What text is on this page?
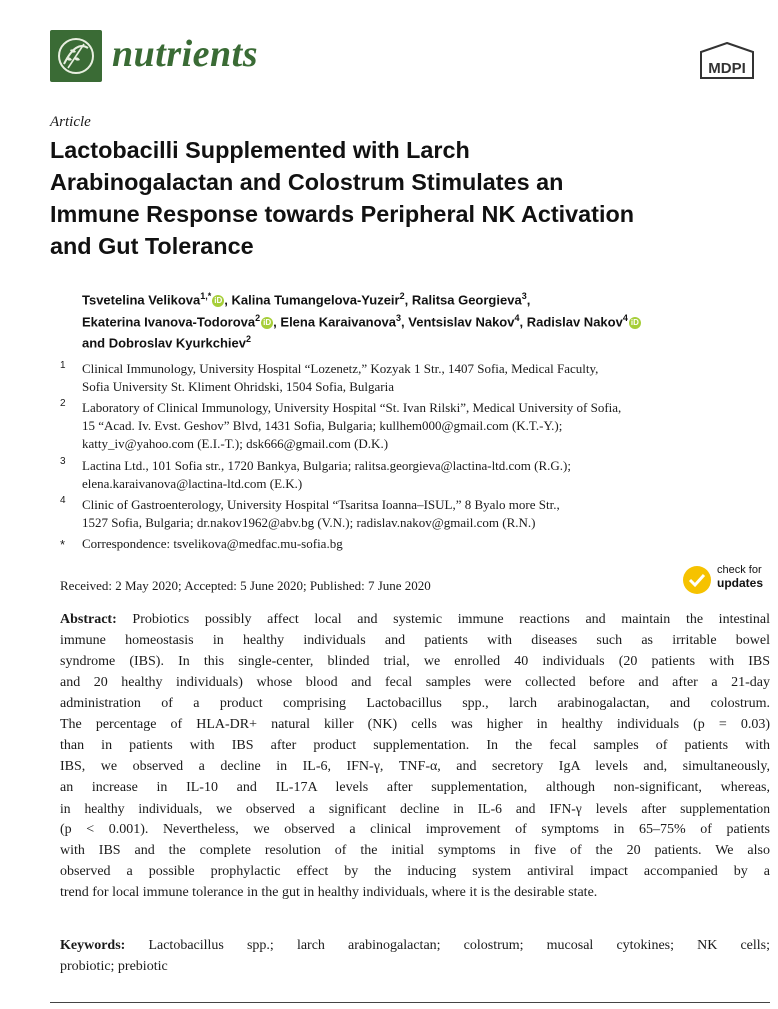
nutrients	MDPI
Article
Lactobacilli Supplemented with Larch
Arabinogalactan and Colostrum Stimulates an
Immune Response towards Peripheral NK Activation
and Gut Tolerance
Tsvetelina Velikova$^{1,*}$ iD , Kalina Tumangelova-Yuzeir$^2$, Ralitsa Georgieva$^3$,
Ekaterina Ivanova-Todorova$^2$ iD , Elena Karaivanova$^3$, Ventsislav Nakov$^4$, Radislav Nakov$^4$ iD
and Dobroslav Kyurkchiev$^2$
1 Clinical Immunology, University Hospital “Lozenetz,” Kozyak 1 Str., 1407 Sofia, Medical Faculty,
Sofia University St. Kliment Ohridski, 1504 Sofia, Bulgaria
2 Laboratory of Clinical Immunology, University Hospital “St. Ivan Rilski”, Medical University of Sofia,
15 “Acad. Iv. Evst. Geshov” Blvd, 1431 Sofia, Bulgaria; kullhem000@gmail.com (K.T.-Y.);
katty_iv@yahoo.com (E.I.-T.); dsk666@gmail.com (D.K.)
3 Lactina Ltd., 101 Sofia str., 1720 Bankya, Bulgaria; ralitsa.georgieva@lactina-ltd.com (R.G.);
elena.karaivanova@lactina-ltd.com (E.K.)
4 Clinic of Gastroenterology, University Hospital “Tsaritsa Ioanna–ISUL,” 8 Byalo more Str.,
1527 Sofia, Bulgaria; dr.nakov1962@abv.bg (V.N.); radislav.nakov@gmail.com (R.N.)
* Correspondence: tsvelikova@medfac.mu-sofia.bg
Received: 2 May 2020; Accepted: 5 June 2020; Published: 7 June 2020
check for
updates
Abstract: Probiotics possibly affect local and systemic immune reactions and maintain the intestinal
immune homeostasis in healthy individuals and patients with diseases such as irritable bowel
syndrome (IBS). In this single-center, blinded trial, we enrolled 40 individuals (20 patients with IBS
and 20 healthy individuals) whose blood and fecal samples were collected before and after a 21-day
administration of a product comprising Lactobacillus spp., larch arabinogalactan, and colostrum.
The percentage of HLA-DR+ natural killer (NK) cells was higher in healthy individuals (p = 0.03)
than in patients with IBS after product supplementation. In the fecal samples of patients with
IBS, we observed a decline in IL-6, IFN-γ, TNF-α, and secretory IgA levels and, simultaneously,
an increase in IL-10 and IL-17A levels after supplementation, although non-significant, whereas,
in healthy individuals, we observed a significant decline in IL-6 and IFN-γ levels after supplementation
(p < 0.001). Nevertheless, we observed a clinical improvement of symptoms in 65–75% of patients
with IBS and the complete resolution of the initial symptoms in five of the 20 patients. We also
observed a possible prophylactic effect by the inducing system antiviral impact accompanied by a
trend for local immune tolerance in the gut in healthy individuals, where it is the desirable state.
Keywords: Lactobacillus spp.; larch arabinogalactan; colostrum; mucosal cytokines; NK cells;
probiotic; prebiotic
